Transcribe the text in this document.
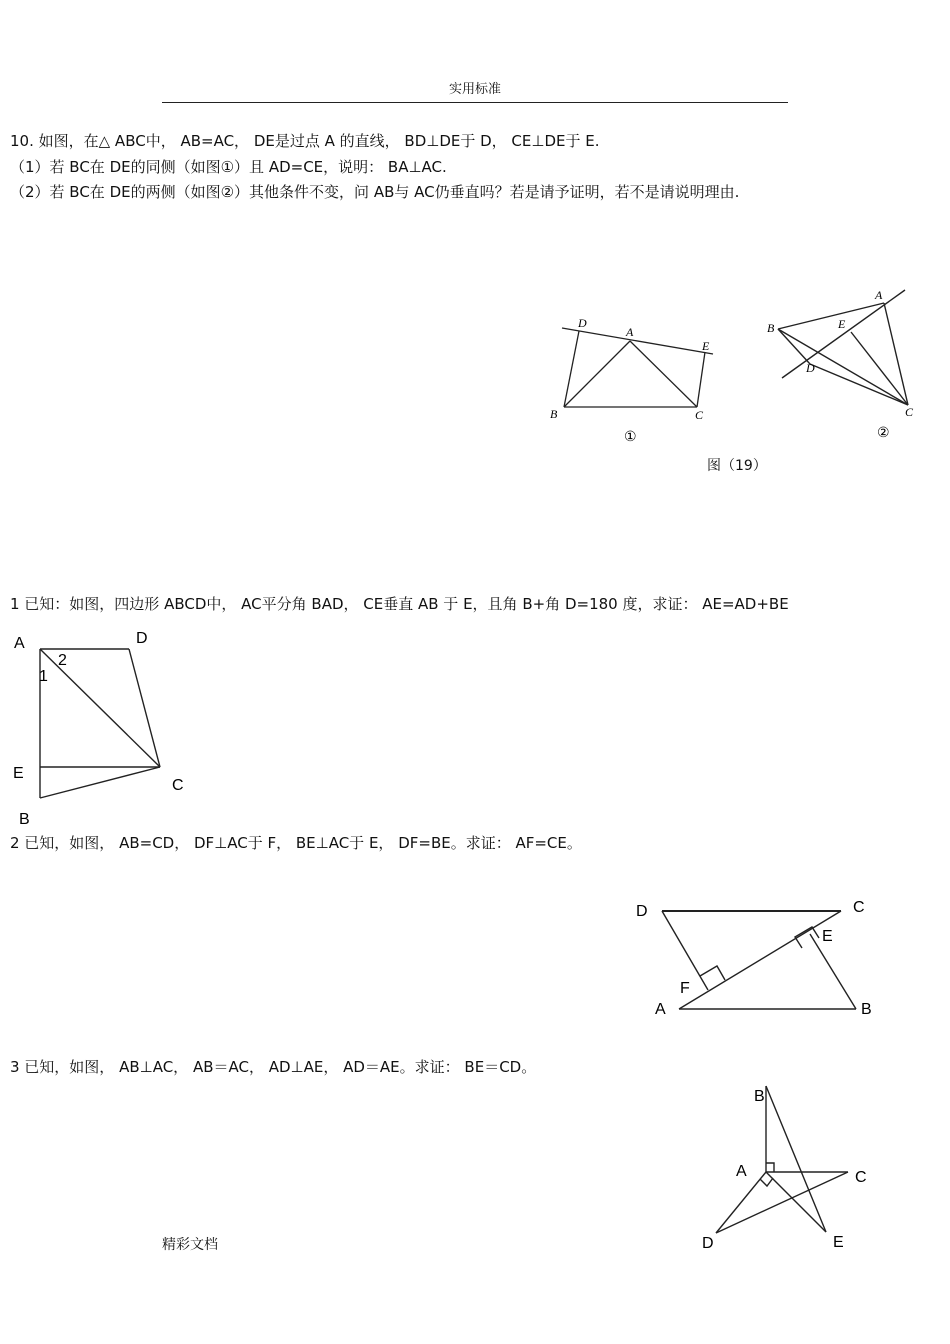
实用标准
10. 如图，在△ ABC中， AB=AC， DE是过点 A 的直线， BD⊥DE于 D， CE⊥DE于 E.
（1）若 BC在 DE的同侧（如图①）且 AD=CE，说明： BA⊥AC.
（2）若 BC在 DE的两侧（如图②）其他条件不变，问 AB与 AC仍垂直吗？若是请予证明，若不是请说明理由.
D
A
E
B	C
①
A
B	E
D
C
②
图（19）
1 已知：如图，四边形 ABCD中， AC平分角 BAD， CE垂直 AB 于 E，且角 B+角 D=180 度，求证： AE=AD+BE
A	D
2
1
E
C
B
2 已知，如图， AB=CD， DF⊥AC于 F， BE⊥AC于 E， DF=BE。求证： AF=CE。
D	C
E
F
A	B
3 已知，如图， AB⊥AC， AB＝AC， AD⊥AE， AD＝AE。求证： BE＝CD。
B
A	C
D	E
精彩文档
